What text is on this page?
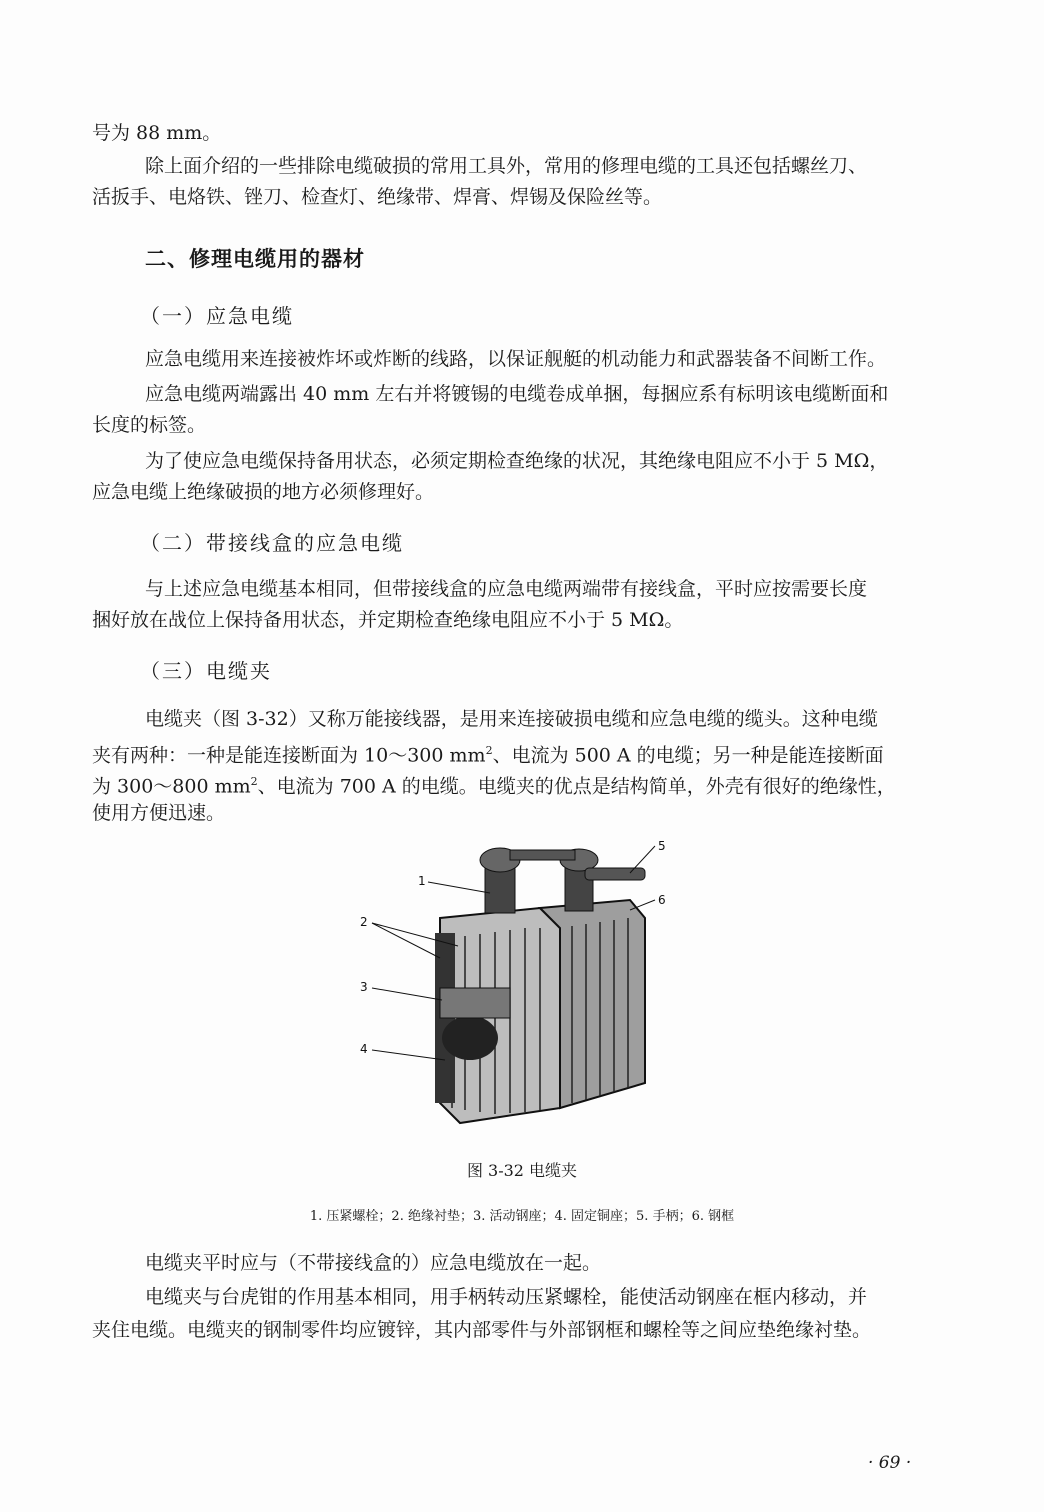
号为 88 mm。
除上面介绍的一些排除电缆破损的常用工具外，常用的修理电缆的工具还包括螺丝刀、
活扳手、电烙铁、锉刀、检查灯、绝缘带、焊膏、焊锡及保险丝等。
二、修理电缆用的器材
（一）应急电缆
应急电缆用来连接被炸坏或炸断的线路，以保证舰艇的机动能力和武器装备不间断工作。
应急电缆两端露出 40 mm 左右并将镀锡的电缆卷成单捆，每捆应系有标明该电缆断面和
长度的标签。
为了使应急电缆保持备用状态，必须定期检查绝缘的状况，其绝缘电阻应不小于 5 MΩ，
应急电缆上绝缘破损的地方必须修理好。
（二）带接线盒的应急电缆
与上述应急电缆基本相同，但带接线盒的应急电缆两端带有接线盒，平时应按需要长度
捆好放在战位上保持备用状态，并定期检查绝缘电阻应不小于 5 MΩ。
（三）电缆夹
电缆夹（图 3-32）又称万能接线器，是用来连接破损电缆和应急电缆的缆头。这种电缆
夹有两种：一种是能连接断面为 10～300 $mm^2$、电流为 500 A 的电缆；另一种是能连接断面
为 300～800 $mm^2$、电流为 700 A 的电缆。电缆夹的优点是结构简单，外壳有很好的绝缘性，
使用方便迅速。
1
2
3
4
5
6
图 3-32 电缆夹
1. 压紧螺栓；2. 绝缘衬垫；3. 活动钢座；4. 固定铜座；5. 手柄；6. 钢框
电缆夹平时应与（不带接线盒的）应急电缆放在一起。
电缆夹与台虎钳的作用基本相同，用手柄转动压紧螺栓，能使活动钢座在框内移动，并
夹住电缆。电缆夹的钢制零件均应镀锌，其内部零件与外部钢框和螺栓等之间应垫绝缘衬垫。
· 69 ·
